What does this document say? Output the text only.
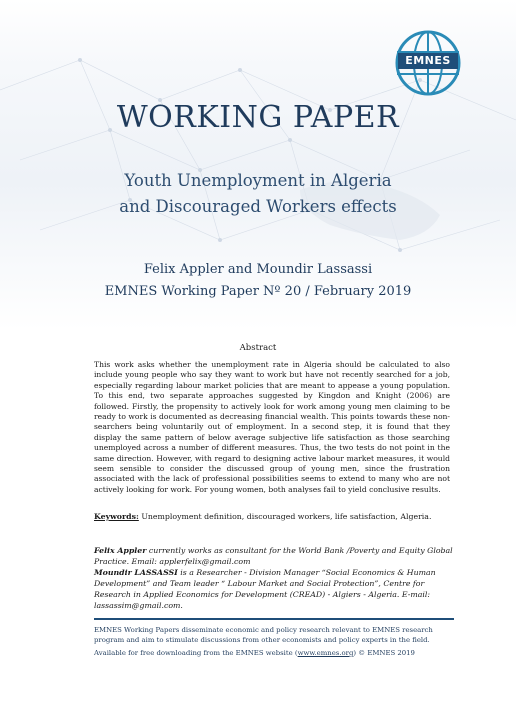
EMNES
WORKING PAPER
Youth Unemployment in Algeria
and Discouraged Workers effects
Felix Appler and Moundir Lassassi
EMNES Working Paper Nº 20 / February 2019
Abstract
This work asks whether the unemployment rate in Algeria should be calculated to also include young people who say they want to work but have not recently searched for a job, especially regarding labour market policies that are meant to appease a young population. To this end, two separate approaches suggested by Kingdon and Knight (2006) are followed. Firstly, the propensity to actively look for work among young men claiming to be ready to work is documented as decreasing financial wealth. This points towards these non-searchers being voluntarily out of employment. In a second step, it is found that they display the same pattern of below average subjective life satisfaction as those searching unemployed across a number of different measures. Thus, the two tests do not point in the same direction. However, with regard to designing active labour market measures, it would seem sensible to consider the discussed group of young men, since the frustration associated with the lack of professional possibilities seems to extend to many who are not actively looking for work. For young women, both analyses fail to yield conclusive results.
Keywords: Unemployment definition, discouraged workers, life satisfaction, Algeria.
Felix Appler currently works as consultant for the World Bank /Poverty and Equity Global Practice. Email: applerfelix@gmail.com
Moundir LASSASSI is a Researcher - Division Manager “Social Economics & Human Development” and Team leader “ Labour Market and Social Protection”, Centre for Research in Applied Economics for Development (CREAD) - Algiers - Algeria. E-mail: lassassim@gmail.com.
EMNES Working Papers disseminate economic and policy research relevant to EMNES research program and aim to stimulate discussions from other economists and policy experts in the field.
Available for free downloading from the EMNES website (www.emnes.org) © EMNES 2019
